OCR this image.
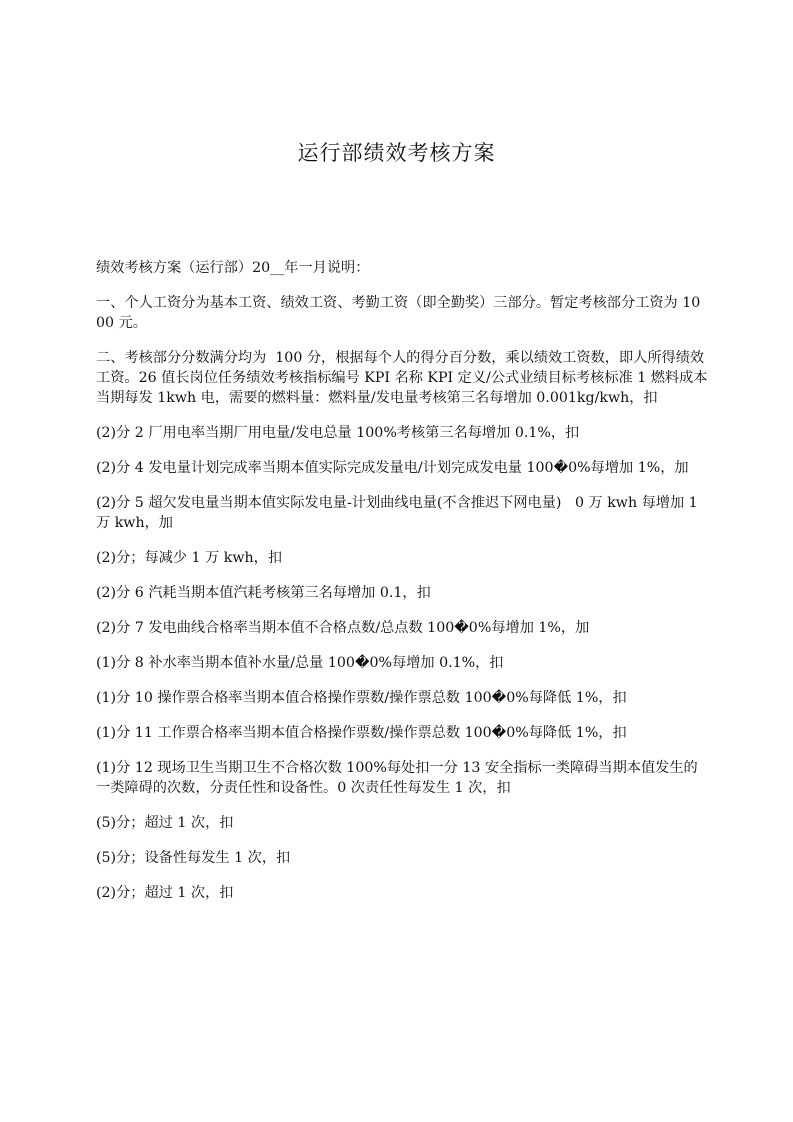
运行部绩效考核方案

绩效考核方案（运行部）20__年一月说明：

一、个人工资分为基本工资、绩效工资、考勤工资（即全勤奖）三部分。暂定考核部分工资为 1000 元。

二、考核部分分数满分均为  100 分，根据每个人的得分百分数，乘以绩效工资数，即人所得绩效工资。26 值长岗位任务绩效考核指标编号 KPI 名称 KPI 定义/公式业绩目标考核标准 1 燃料成本当期每发 1kwh 电，需要的燃料量：燃料量/发电量考核第三名每增加 0.001kg/kwh，扣

(2)分 2 厂用电率当期厂用电量/发电总量 100%考核第三名每增加 0.1%，扣

(2)分 4 发电量计划完成率当期本值实际完成发量电/计划完成发电量 100�0%每增加 1%，加

(2)分 5 超欠发电量当期本值实际发电量-计划曲线电量(不含推迟下网电量)   0 万 kwh 每增加 1 万 kwh，加

(2)分；每减少 1 万 kwh，扣

(2)分 6 汽耗当期本值汽耗考核第三名每增加 0.1，扣

(2)分 7 发电曲线合格率当期本值不合格点数/总点数 100�0%每增加 1%，加

(1)分 8 补水率当期本值补水量/总量 100�0%每增加 0.1%，扣

(1)分 10 操作票合格率当期本值合格操作票数/操作票总数 100�0%每降低 1%，扣

(1)分 11 工作票合格率当期本值合格操作票数/操作票总数 100�0%每降低 1%，扣

(1)分 12 现场卫生当期卫生不合格次数 100%每处扣一分 13 安全指标一类障碍当期本值发生的一类障碍的次数，分责任性和设备性。0 次责任性每发生 1 次，扣

(5)分；超过 1 次，扣

(5)分；设备性每发生 1 次，扣

(2)分；超过 1 次，扣
